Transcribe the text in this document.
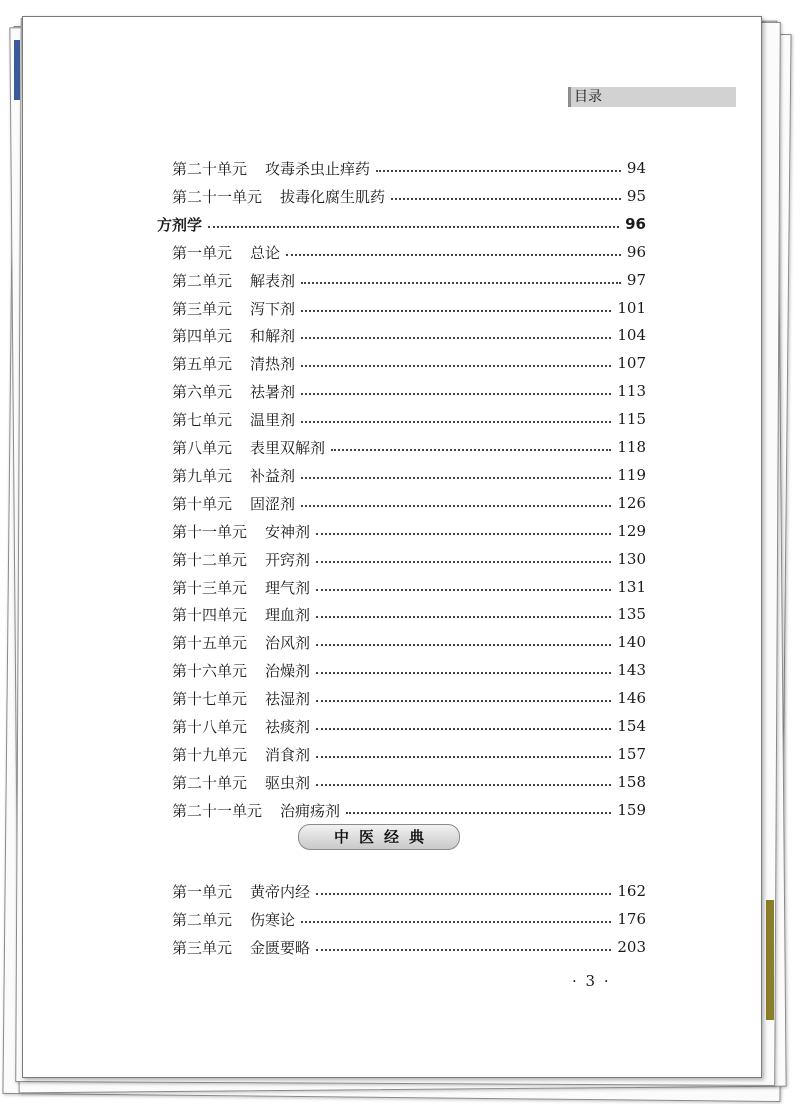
目录
第二十单元 攻毒杀虫止痒药	94
第二十一单元 拔毒化腐生肌药	95
方剂学	96
第一单元 总论	96
第二单元 解表剂	97
第三单元 泻下剂	101
第四单元 和解剂	104
第五单元 清热剂	107
第六单元 祛暑剂	113
第七单元 温里剂	115
第八单元 表里双解剂	118
第九单元 补益剂	119
第十单元 固涩剂	126
第十一单元 安神剂	129
第十二单元 开窍剂	130
第十三单元 理气剂	131
第十四单元 理血剂	135
第十五单元 治风剂	140
第十六单元 治燥剂	143
第十七单元 祛湿剂	146
第十八单元 祛痰剂	154
第十九单元 消食剂	157
第二十单元 驱虫剂	158
第二十一单元 治痈疡剂	159
第一单元 黄帝内经	162
第二单元 伤寒论	176
第三单元 金匮要略	203
中医经典
· 3 ·
